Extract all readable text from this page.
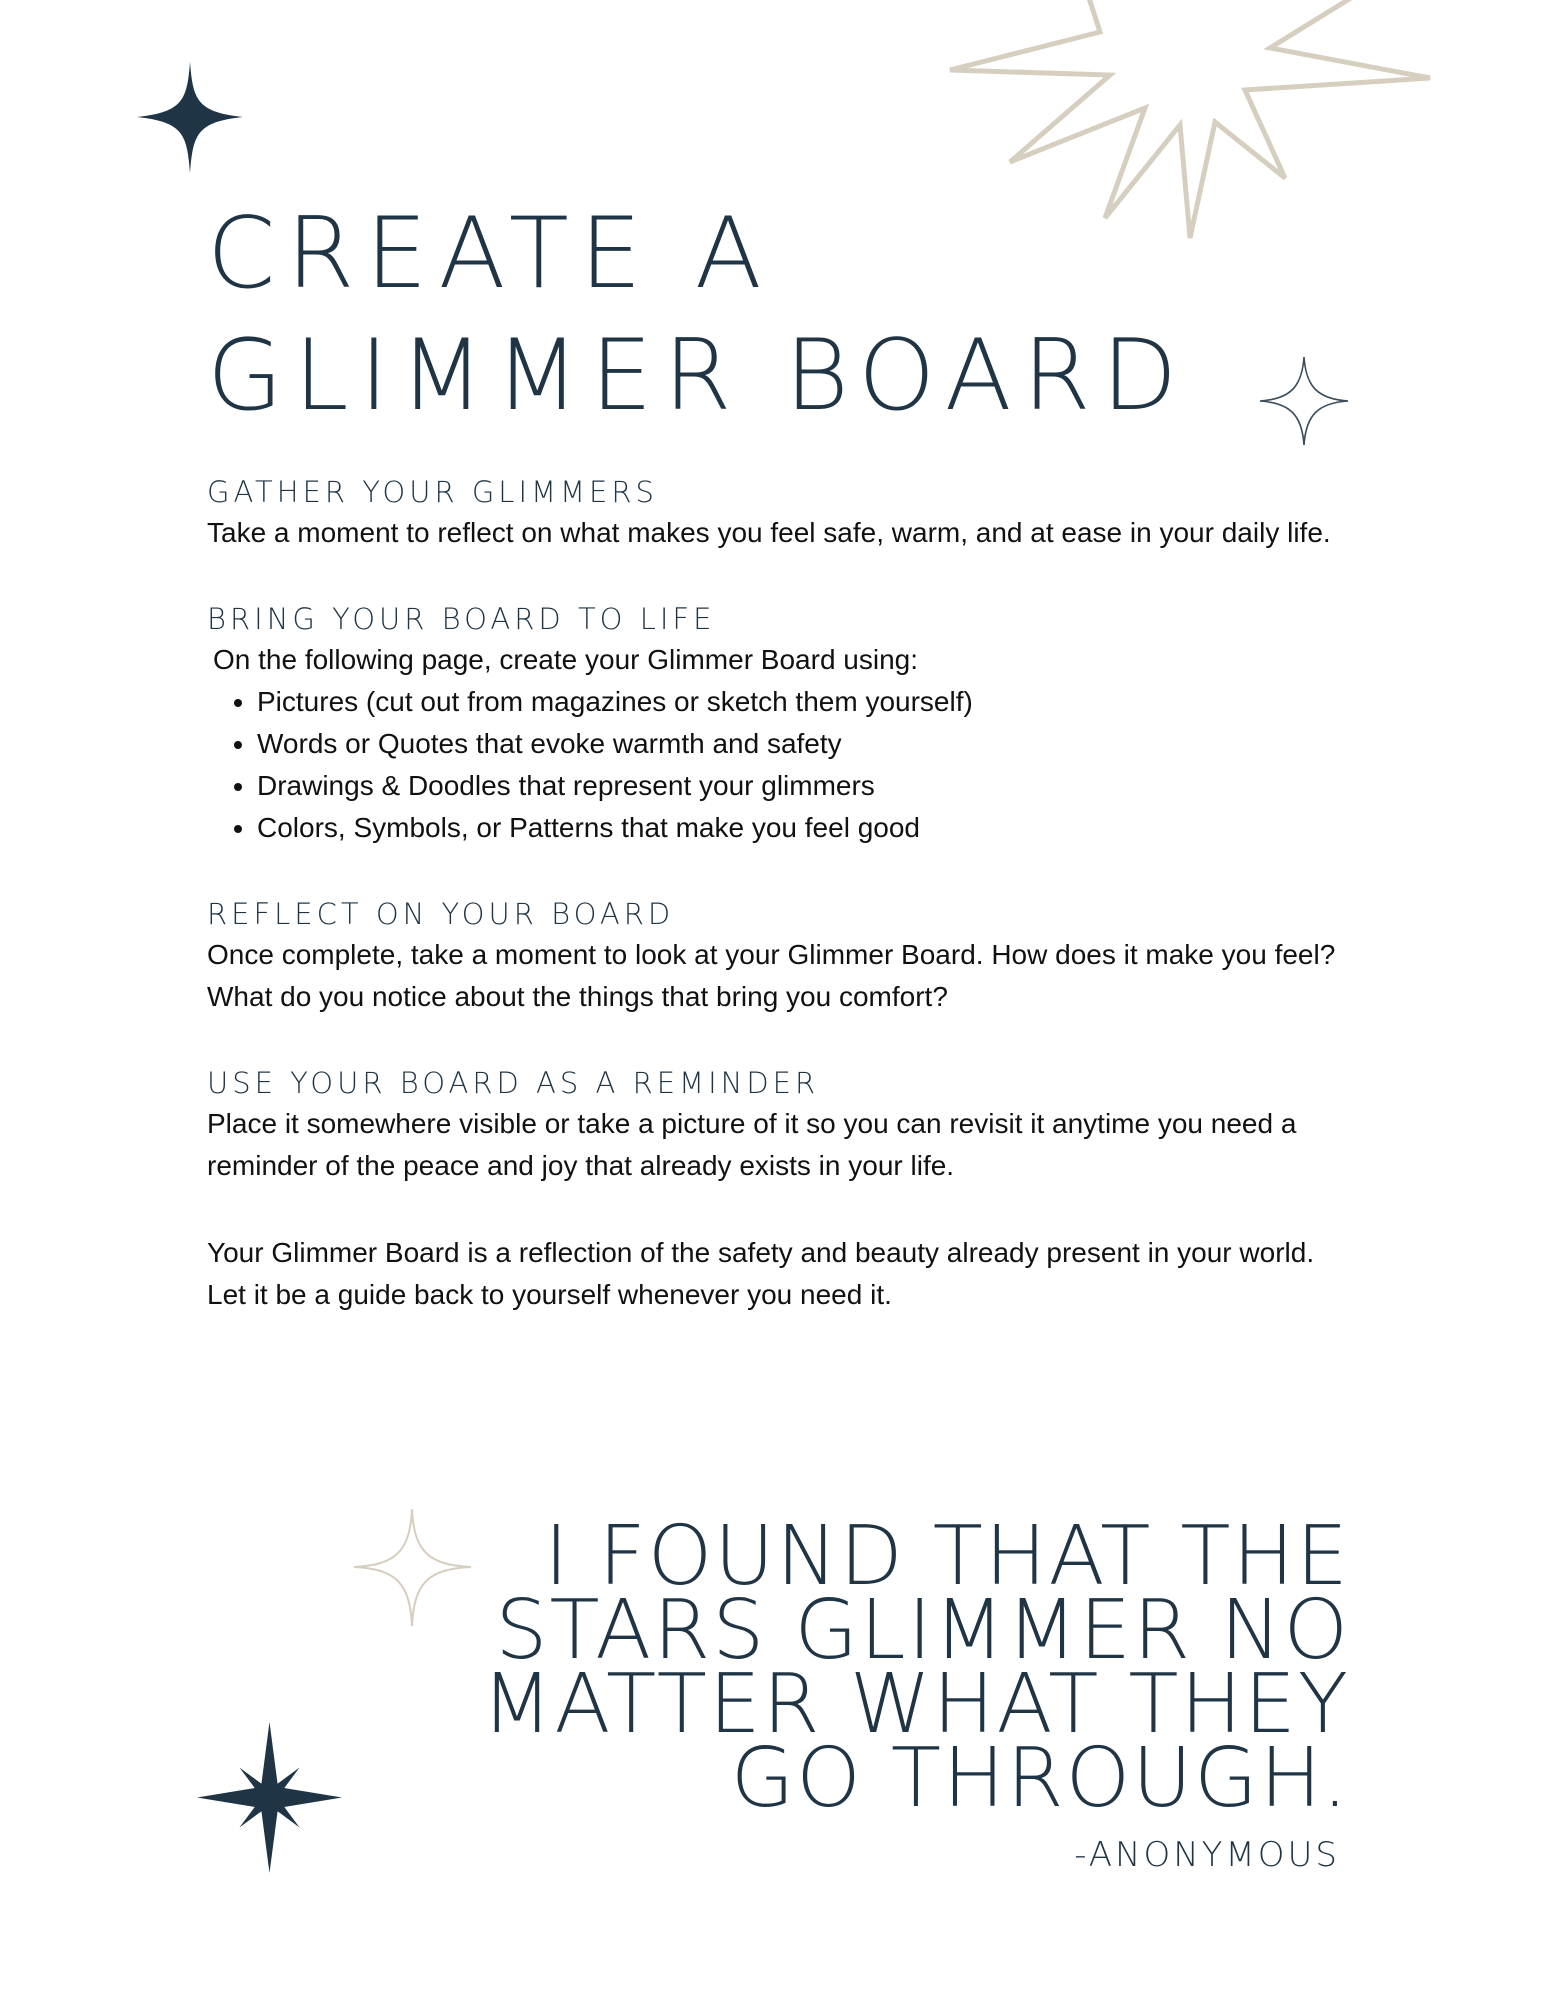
CREATE A
GLIMMER BOARD
GATHER YOUR GLIMMERS

Take a moment to reflect on what makes you feel safe, warm, and at ease in your daily life.

BRING YOUR BOARD TO LIFE

On the following page, create your Glimmer Board using:

• Pictures (cut out from magazines or sketch them yourself)
• Words or Quotes that evoke warmth and safety
• Drawings & Doodles that represent your glimmers
• Colors, Symbols, or Patterns that make you feel good
REFLECT ON YOUR BOARD

Once complete, take a moment to look at your Glimmer Board. How does it make you feel? What do you notice about the things that bring you comfort?

USE YOUR BOARD AS A REMINDER

Place it somewhere visible or take a picture of it so you can revisit it anytime you need a reminder of the peace and joy that already exists in your life.

Your Glimmer Board is a reflection of the safety and beauty already present in your world. Let it be a guide back to yourself whenever you need it.

I FOUND THAT THE
STARS GLIMMER NO
MATTER WHAT THEY
GO THROUGH.
-ANONYMOUS
